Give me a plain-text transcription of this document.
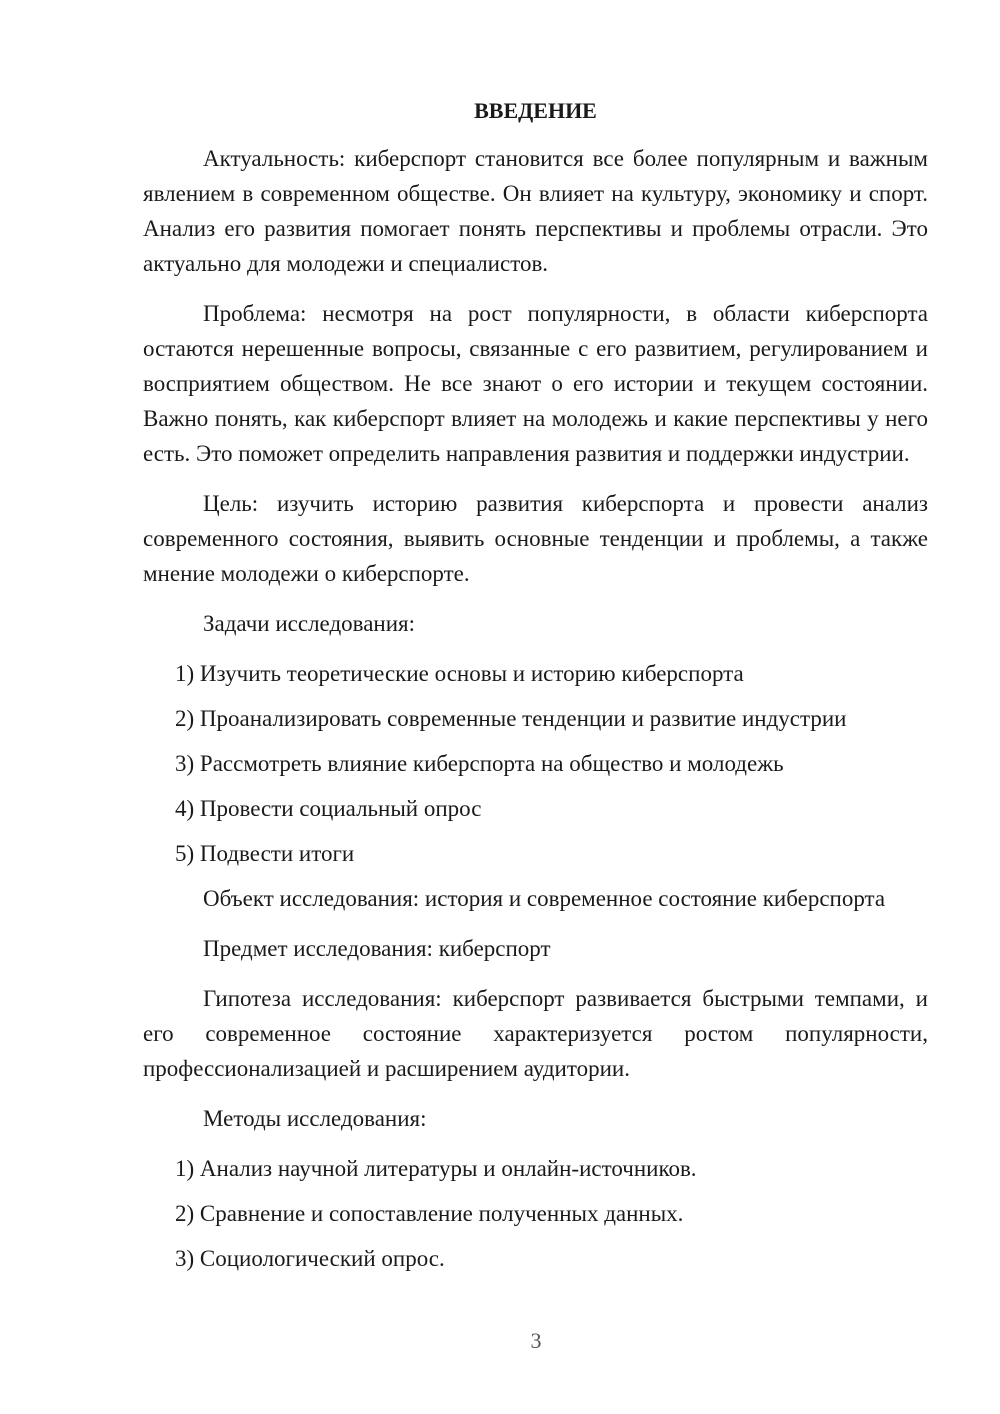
ВВЕДЕНИЕ

Актуальность: киберспорт становится все более популярным и важным явлением в современном обществе. Он влияет на культуру, экономику и спорт. Анализ его развития помогает понять перспективы и проблемы отрасли. Это актуально для молодежи и специалистов.

Проблема: несмотря на рост популярности, в области киберспорта остаются нерешенные вопросы, связанные с его развитием, регулированием и восприятием обществом. Не все знают о его истории и текущем состоянии. Важно понять, как киберспорт влияет на молодежь и какие перспективы у него есть. Это поможет определить направления развития и поддержки индустрии.

Цель: изучить историю развития киберспорта и провести анализ современного состояния, выявить основные тенденции и проблемы, а также мнение молодежи о киберспорте.

Задачи исследования:

1) Изучить теоретические основы и историю киберспорта

2) Проанализировать современные тенденции и развитие индустрии

3) Рассмотреть влияние киберспорта на общество и молодежь

4) Провести социальный опрос

5) Подвести итоги

Объект исследования: история и современное состояние киберспорта

Предмет исследования: киберспорт

Гипотеза исследования: киберспорт развивается быстрыми темпами, и его современное состояние характеризуется ростом популярности, профессионализацией и расширением аудитории.

Методы исследования:

1) Анализ научной литературы и онлайн-источников.

2) Сравнение и сопоставление полученных данных.

3) Социологический опрос.

3
